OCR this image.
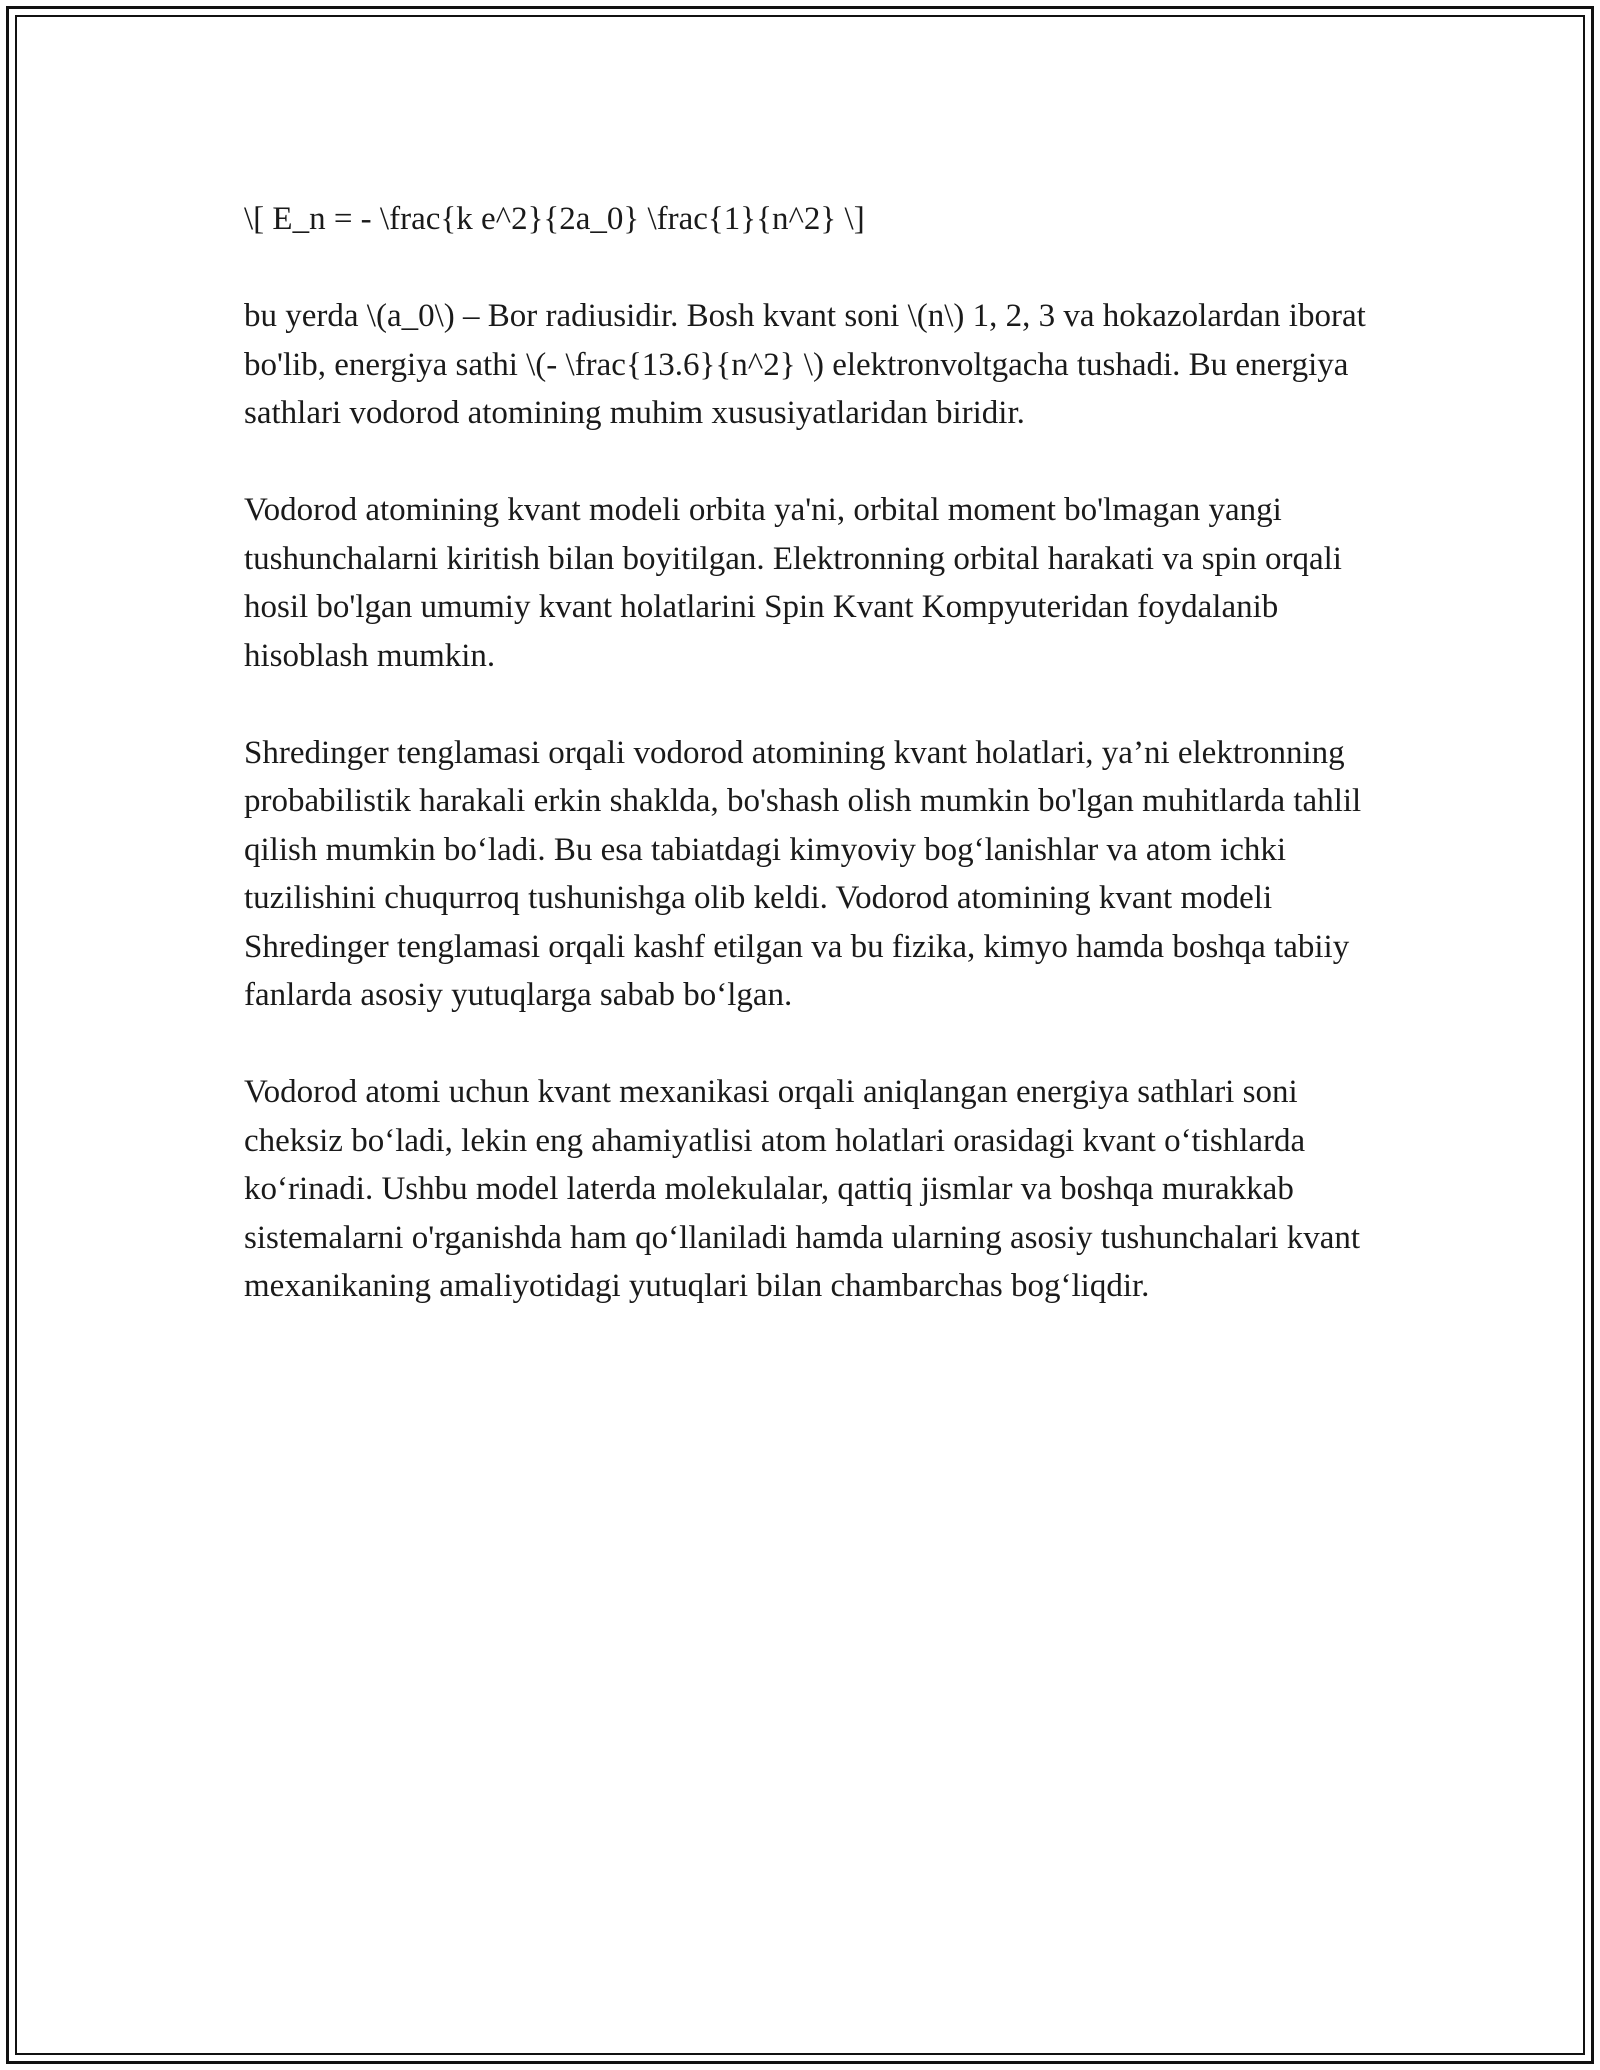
\[ E_n = - \frac{k e^2}{2a_0} \frac{1}{n^2} \]

bu yerda \(a_0\) – Bor radiusidir. Bosh kvant soni \(n\) 1, 2, 3 va hokazolardan iborat bo'lib, energiya sathi \(- \frac{13.6}{n^2} \) elektronvoltgacha tushadi. Bu energiya sathlari vodorod atomining muhim xususiyatlaridan biridir.

Vodorod atomining kvant modeli orbita ya'ni, orbital moment bo'lmagan yangi tushunchalarni kiritish bilan boyitilgan. Elektronning orbital harakati va spin orqali hosil bo'lgan umumiy kvant holatlarini Spin Kvant Kompyuteridan foydalanib hisoblash mumkin.

Shredinger tenglamasi orqali vodorod atomining kvant holatlari, ya’ni elektronning probabilistik harakali erkin shaklda, bo'shash olish mumkin bo'lgan muhitlarda tahlil qilish mumkin bo‘ladi. Bu esa tabiatdagi kimyoviy bog‘lanishlar va atom ichki tuzilishini chuqurroq tushunishga olib keldi. Vodorod atomining kvant modeli Shredinger tenglamasi orqali kashf etilgan va bu fizika, kimyo hamda boshqa tabiiy fanlarda asosiy yutuqlarga sabab bo‘lgan.

Vodorod atomi uchun kvant mexanikasi orqali aniqlangan energiya sathlari soni cheksiz bo‘ladi, lekin eng ahamiyatlisi atom holatlari orasidagi kvant o‘tishlarda ko‘rinadi. Ushbu model laterda molekulalar, qattiq jismlar va boshqa murakkab sistemalarni o'rganishda ham qo‘llaniladi hamda ularning asosiy tushunchalari kvant mexanikaning amaliyotidagi yutuqlari bilan chambarchas bog‘liqdir.
